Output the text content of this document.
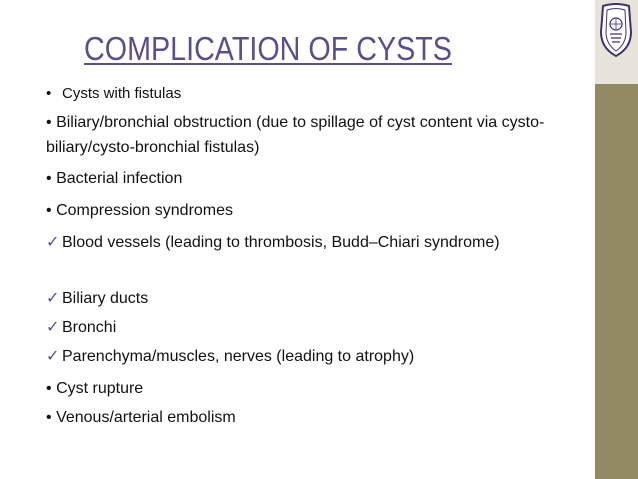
COMPLICATION OF CYSTS
• Cysts with fistulas
• Biliary/bronchial obstruction (due to spillage of cyst content via cysto-biliary/cysto-bronchial fistulas)
• Bacterial infection
• Compression syndromes
✓ Blood vessels (leading to thrombosis, Budd–Chiari syndrome)
✓ Biliary ducts
✓ Bronchi
✓ Parenchyma/muscles, nerves (leading to atrophy)
• Cyst rupture
• Venous/arterial embolism
